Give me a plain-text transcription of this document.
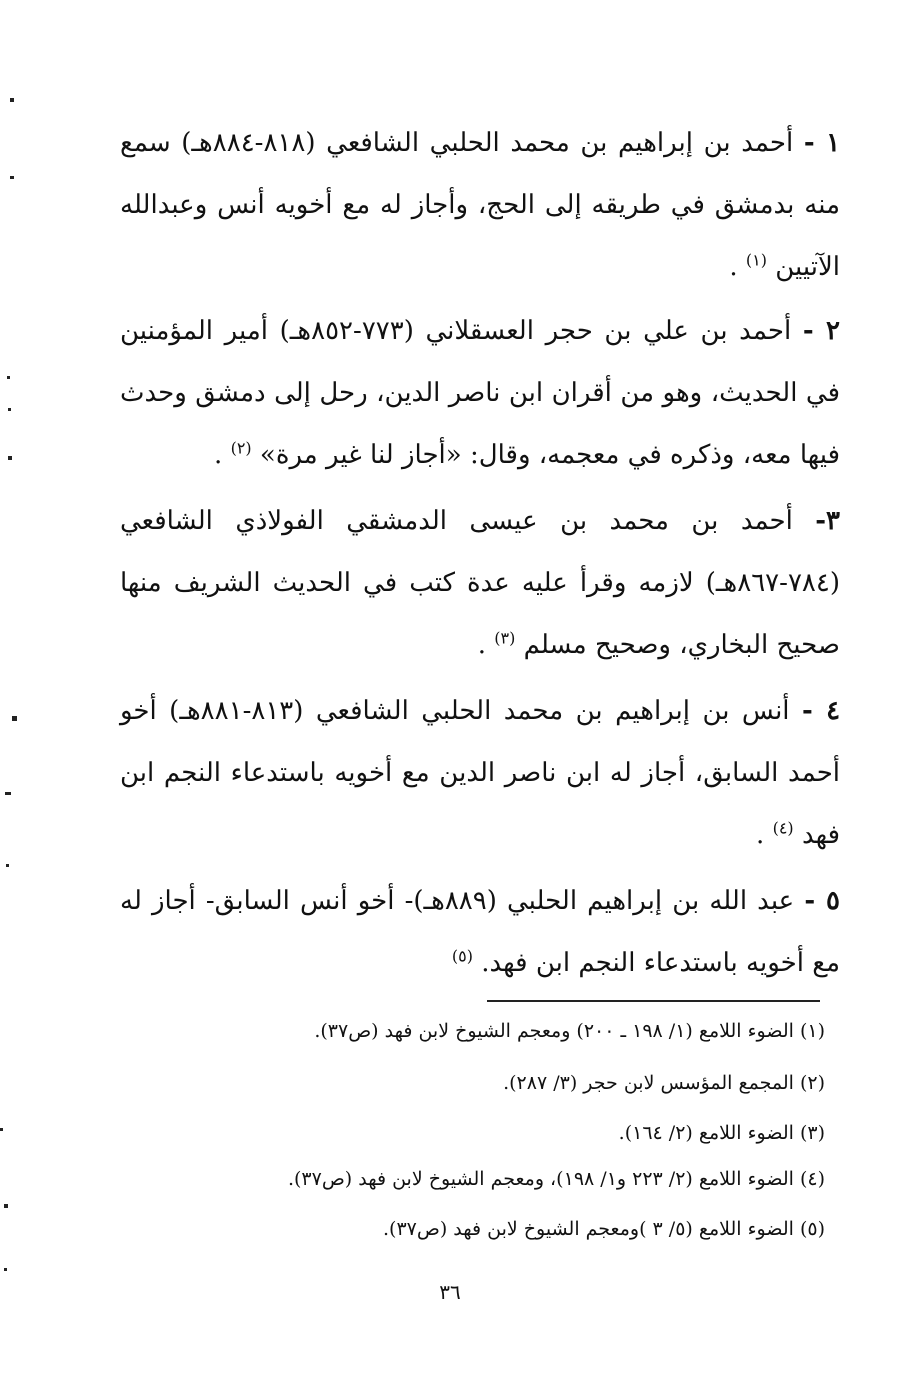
١ - أحمد بن إبراهيم بن محمد الحلبي الشافعي (٨١٨-٨٨٤هـ) سمع منه بدمشق في طريقه إلى الحج، وأجاز له مع أخويه أنس وعبدالله الآتيين $^{(١)}$ .
٢ - أحمد بن علي بن حجر العسقلاني (٧٧٣-٨٥٢هـ) أمير المؤمنين في الحديث، وهو من أقران ابن ناصر الدين، رحل إلى دمشق وحدث فيها معه، وذكره في معجمه، وقال: «أجاز لنا غير مرة» $^{(٢)}$ .
٣- أحمد بن محمد بن عيسى الدمشقي الفولاذي الشافعي (٧٨٤-٨٦٧هـ) لازمه وقرأ عليه عدة كتب في الحديث الشريف منها صحيح البخاري، وصحيح مسلم $^{(٣)}$ .
٤ - أنس بن إبراهيم بن محمد الحلبي الشافعي (٨١٣-٨٨١هـ) أخو أحمد السابق، أجاز له ابن ناصر الدين مع أخويه باستدعاء النجم ابن فهد $^{(٤)}$ .
٥ - عبد الله بن إبراهيم الحلبي (٨٨٩هـ)- أخو أنس السابق- أجاز له مع أخويه باستدعاء النجم ابن فهد. $^{(٥)}$
(١) الضوء اللامع (١/ ١٩٨ ـ ٢٠٠) ومعجم الشيوخ لابن فهد (ص٣٧).
(٢) المجمع المؤسس لابن حجر (٣/ ٢٨٧).
(٣) الضوء اللامع (٢/ ١٦٤).
(٤) الضوء اللامع (٢/ ٢٢٣ و١/ ١٩٨)، ومعجم الشيوخ لابن فهد (ص٣٧).
(٥) الضوء اللامع (٥/ ٣ )ومعجم الشيوخ لابن فهد (ص٣٧).
٣٦
